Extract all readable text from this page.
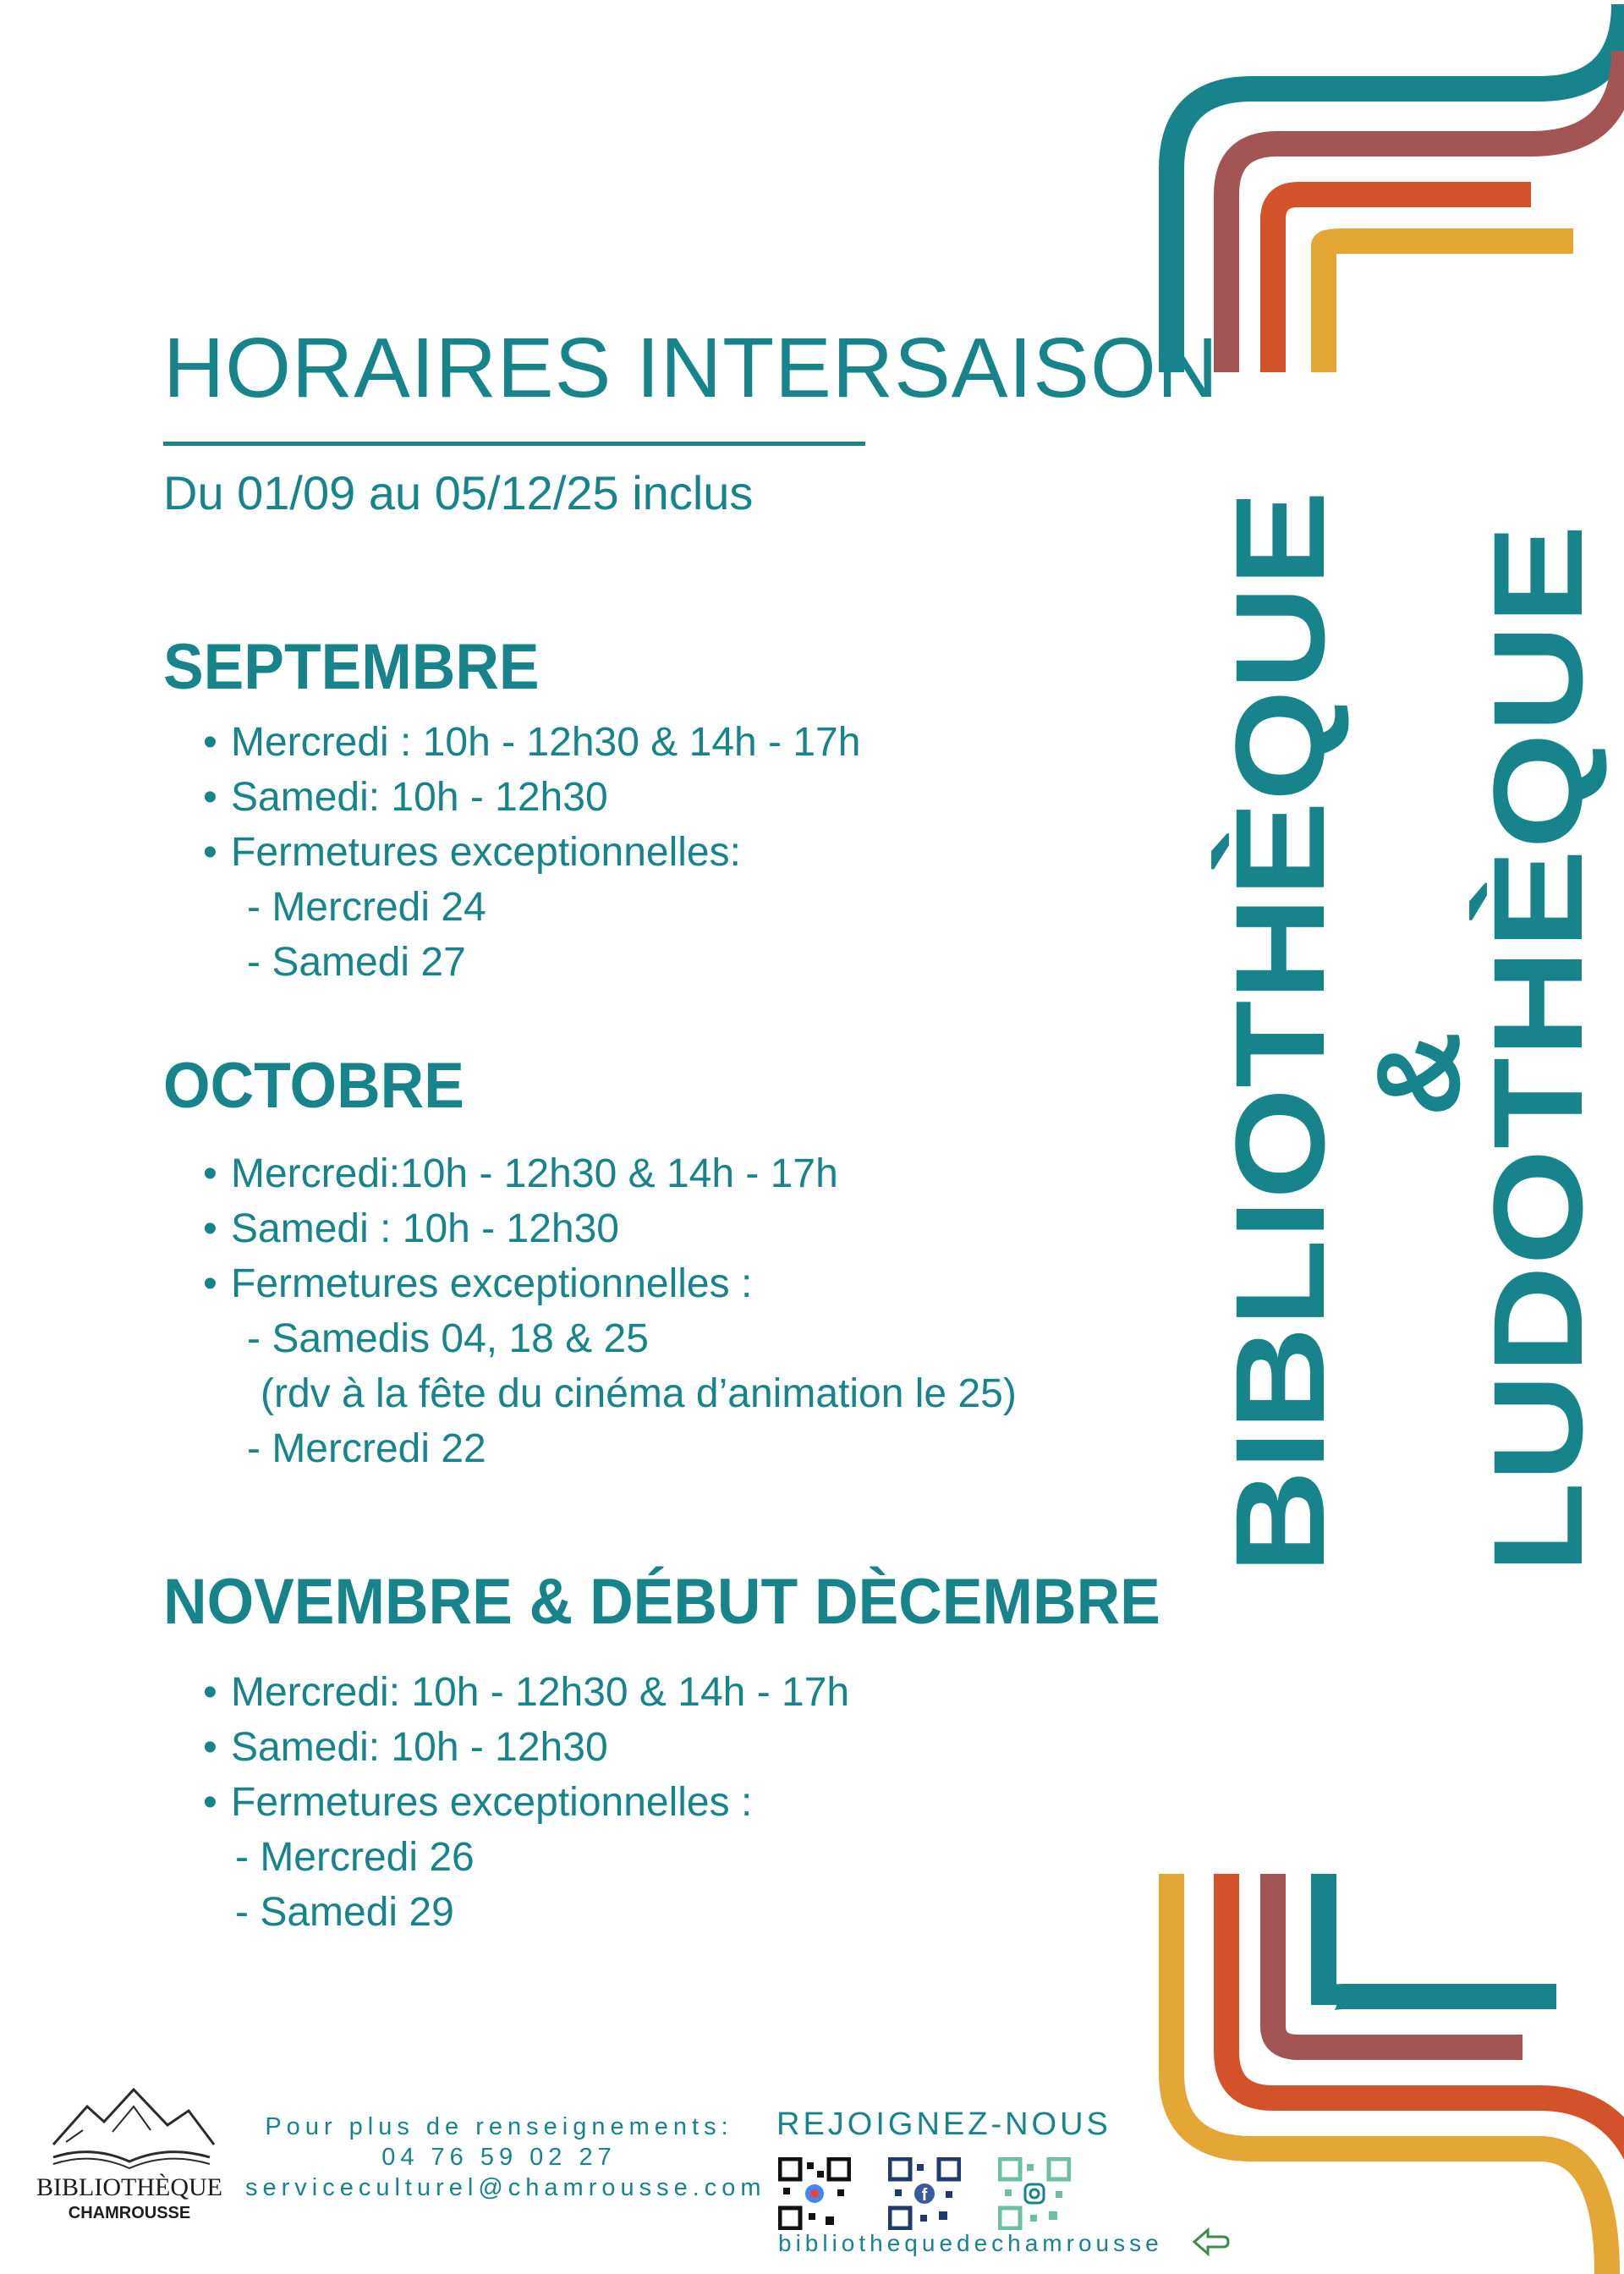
HORAIRES INTERSAISON
Du 01/09 au 05/12/25 inclus
SEPTEMBRE
• Mercredi : 10h - 12h30 & 14h - 17h
• Samedi: 10h - 12h30
• Fermetures exceptionnelles:
- Mercredi 24
- Samedi 27
OCTOBRE
• Mercredi:10h - 12h30 & 14h - 17h
• Samedi : 10h - 12h30
• Fermetures exceptionnelles :
- Samedis 04, 18 & 25
(rdv à la fête du cinéma d’animation le 25)
- Mercredi 22
NOVEMBRE & DÉBUT DÈCEMBRE
• Mercredi: 10h - 12h30 & 14h - 17h
• Samedi: 10h - 12h30
• Fermetures exceptionnelles :
- Mercredi 26
- Samedi 29
BIBLIOTHÈQUE &
LUDOTHÈQUE
BIBLIOTHÈQUE
CHAMROUSSE
Pour plus de renseignements:
04 76 59 02 27
serviceculturel@chamrousse.com
REJOIGNEZ-NOUS
f
bibliothequedechamrousse
